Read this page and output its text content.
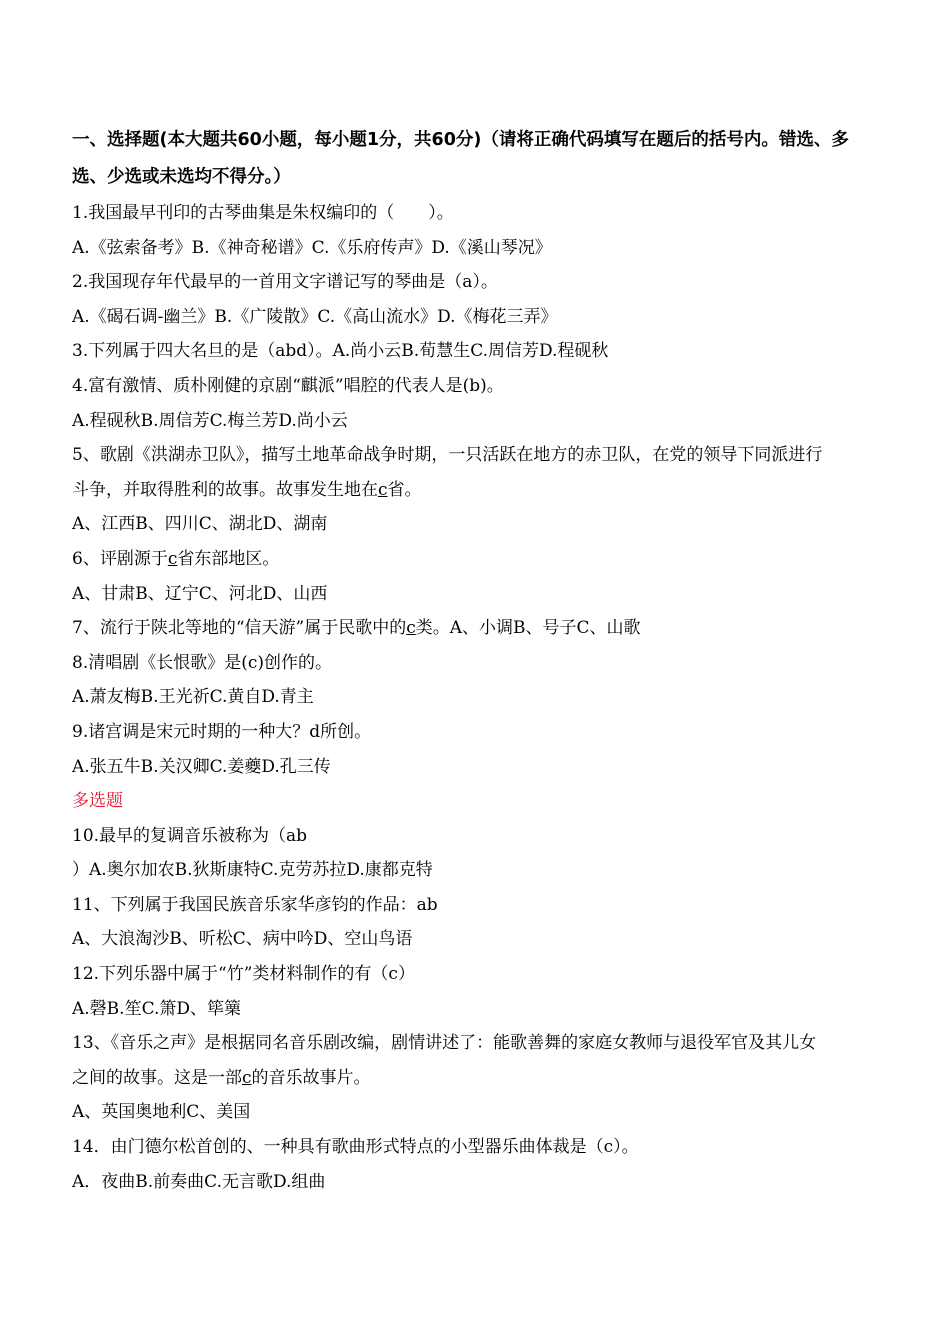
一、选择题(本大题共60小题，每小题1分，共60分)（请将正确代码填写在题后的括号内。错选、多
选、少选或未选均不得分。）
1.我国最早刊印的古琴曲集是朱权编印的（　　）。
A.《弦索备考》B.《神奇秘谱》C.《乐府传声》D.《溪山琴况》
2.我国现存年代最早的一首用文字谱记写的琴曲是（a）。
A.《碣石调-幽兰》B.《广陵散》C.《高山流水》D.《梅花三弄》
3.下列属于四大名旦的是（abd）。A.尚小云B.荀慧生C.周信芳D.程砚秋
4.富有激情、质朴刚健的京剧“麒派”唱腔的代表人是(b)。
A.程砚秋B.周信芳C.梅兰芳D.尚小云
5、歌剧《洪湖赤卫队》，描写土地革命战争时期，一只活跃在地方的赤卫队，在党的领导下同派进行
斗争，并取得胜利的故事。故事发生地在c省。
A、江西B、四川C、湖北D、湖南
6、评剧源于c省东部地区。
A、甘肃B、辽宁C、河北D、山西
7、流行于陕北等地的“信天游”属于民歌中的c类。A、小调B、号子C、山歌
8.清唱剧《长恨歌》是(c)创作的。
A.萧友梅B.王光祈C.黄自D.青主
9.诸宫调是宋元时期的一种大？d所创。
A.张五牛B.关汉卿C.姜夔D.孔三传
多选题
10.最早的复调音乐被称为（ab
）A.奥尔加农B.狄斯康特C.克劳苏拉D.康都克特
11、下列属于我国民族音乐家华彦钧的作品：ab
A、大浪淘沙B、听松C、病中吟D、空山鸟语
12.下列乐器中属于“竹”类材料制作的有（c）
A.磬B.笙C.箫D、筚篥
13、《音乐之声》是根据同名音乐剧改编，剧情讲述了：能歌善舞的家庭女教师与退役军官及其儿女
之间的故事。这是一部c的音乐故事片。
A、英国奥地利C、美国
14．由门德尔松首创的、一种具有歌曲形式特点的小型器乐曲体裁是（c）。
A．夜曲B.前奏曲C.无言歌D.组曲
